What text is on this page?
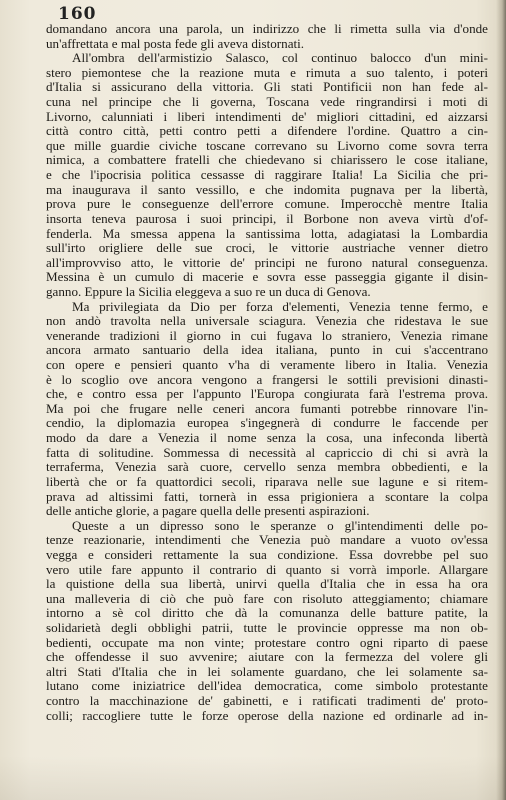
160
domandano ancora una parola, un indirizzo che li rimetta sulla via d'onde
un'affrettata e mal posta fede gli aveva distornati.
All'ombra dell'armistizio Salasco, col continuo balocco d'un mini-
stero piemontese che la reazione muta e rimuta a suo talento, i poteri
d'Italia si assicurano della vittoria. Gli stati Pontificii non han fede al-
cuna nel principe che li governa, Toscana vede ringrandirsi i moti di
Livorno, calunniati i liberi intendimenti de' migliori cittadini, ed aizzarsi
città contro città, petti contro petti a difendere l'ordine. Quattro a cin-
que mille guardie civiche toscane correvano su Livorno come sovra terra
nimica, a combattere fratelli che chiedevano si chiarissero le cose italiane,
e che l'ipocrisia politica cessasse di raggirare Italia! La Sicilia che pri-
ma inaugurava il santo vessillo, e che indomita pugnava per la libertà,
prova pure le conseguenze dell'errore comune. Imperocchè mentre Italia
insorta teneva paurosa i suoi principi, il Borbone non aveva virtù d'of-
fenderla. Ma smessa appena la santissima lotta, adagiatasi la Lombardia
sull'irto origliere delle sue croci, le vittorie austriache venner dietro
all'improvviso atto, le vittorie de' principi ne furono natural conseguenza.
Messina è un cumulo di macerie e sovra esse passeggia gigante il disin-
ganno. Eppure la Sicilia eleggeva a suo re un duca di Genova.
Ma privilegiata da Dio per forza d'elementi, Venezia tenne fermo, e
non andò travolta nella universale sciagura. Venezia che ridestava le sue
venerande tradizioni il giorno in cui fugava lo straniero, Venezia rimane
ancora armato santuario della idea italiana, punto in cui s'accentrano
con opere e pensieri quanto v'ha di veramente libero in Italia. Venezia
è lo scoglio ove ancora vengono a frangersi le sottili previsioni dinasti-
che, e contro essa per l'appunto l'Europa congiurata farà l'estrema prova.
Ma poi che frugare nelle ceneri ancora fumanti potrebbe rinnovare l'in-
cendio, la diplomazia europea s'ingegnerà di condurre le faccende per
modo da dare a Venezia il nome senza la cosa, una infeconda libertà
fatta di solitudine. Sommessa di necessità al capriccio di chi si avrà la
terraferma, Venezia sarà cuore, cervello senza membra obbedienti, e la
libertà che or fa quattordici secoli, riparava nelle sue lagune e si ritem-
prava ad altissimi fatti, tornerà in essa prigioniera a scontare la colpa
delle antiche glorie, a pagare quella delle presenti aspirazioni.
Queste a un dipresso sono le speranze o gl'intendimenti delle po-
tenze reazionarie, intendimenti che Venezia può mandare a vuoto ov'essa
vegga e consideri rettamente la sua condizione. Essa dovrebbe pel suo
vero utile fare appunto il contrario di quanto si vorrà imporle. Allargare
la quistione della sua libertà, unirvi quella d'Italia che in essa ha ora
una malleveria di ciò che può fare con risoluto atteggiamento; chiamare
intorno a sè col diritto che dà la comunanza delle batture patite, la
solidarietà degli obblighi patrii, tutte le provincie oppresse ma non ob-
bedienti, occupate ma non vinte; protestare contro ogni riparto di paese
che offendesse il suo avvenire; aiutare con la fermezza del volere gli
altri Stati d'Italia che in lei solamente guardano, che lei solamente sa-
lutano come iniziatrice dell'idea democratica, come simbolo protestante
contro la macchinazione de' gabinetti, e i ratificati tradimenti de' proto-
colli; raccogliere tutte le forze operose della nazione ed ordinarle ad in-
